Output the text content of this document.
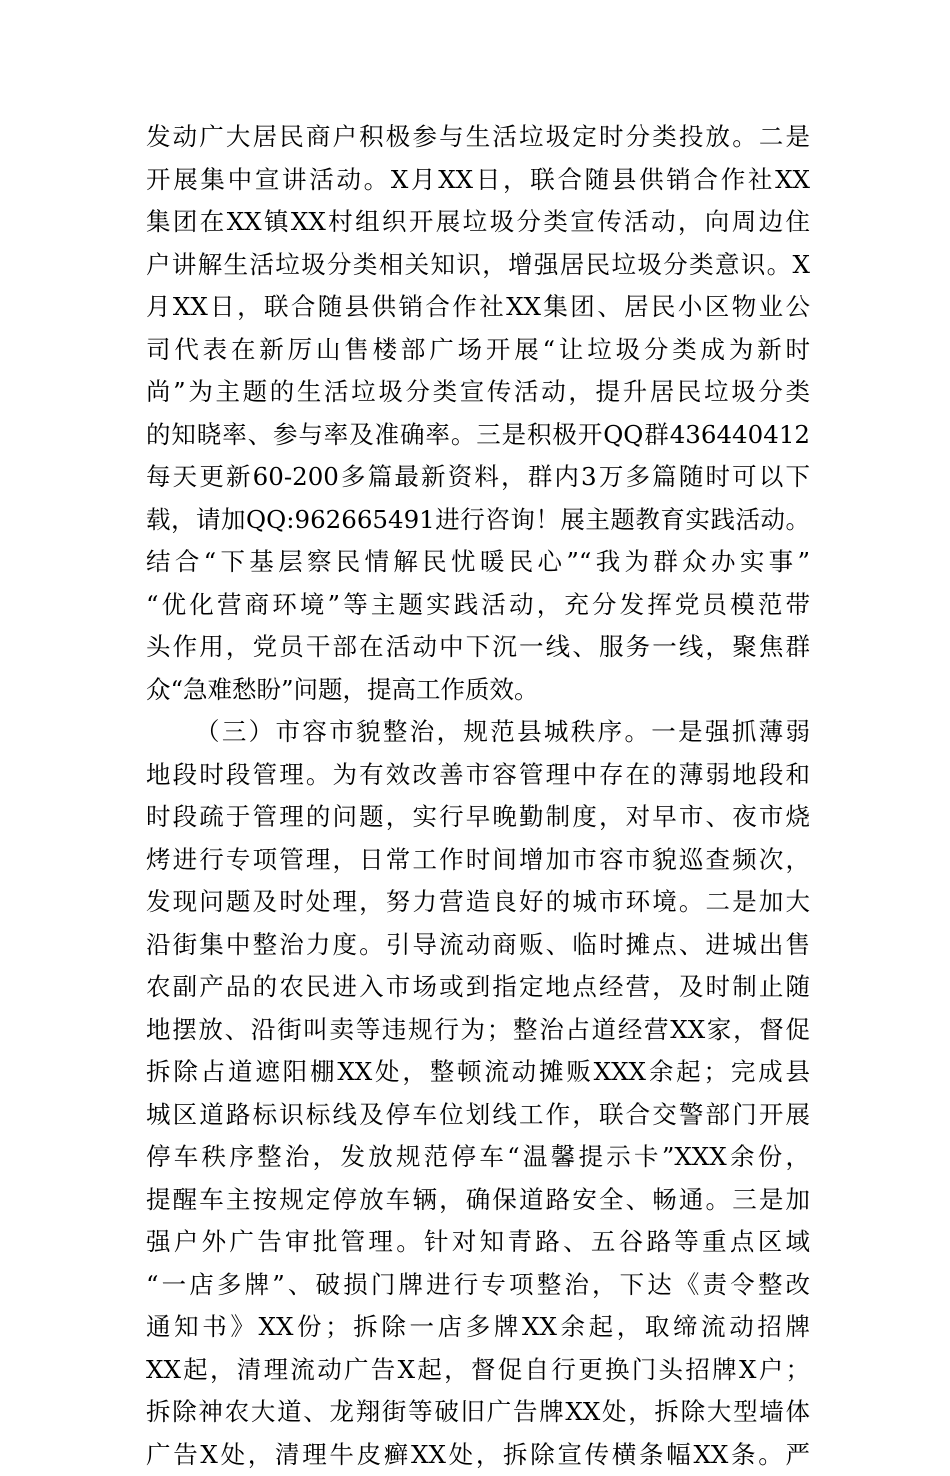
发动广大居民商户积极参与生活垃圾定时分类投放。二是
开展集中宣讲活动。X月XX日，联合随县供销合作社XX
集团在XX镇XX村组织开展垃圾分类宣传活动，向周边住
户讲解生活垃圾分类相关知识，增强居民垃圾分类意识。X
月XX日，联合随县供销合作社XX集团、居民小区物业公
司代表在新厉山售楼部广场开展“让垃圾分类成为新时
尚”为主题的生活垃圾分类宣传活动，提升居民垃圾分类
的知晓率、参与率及准确率。三是积极开QQ群436440412
每天更新60-200多篇最新资料，群内3万多篇随时可以下
载，请加QQ:962665491进行咨询！展主题教育实践活动。
结合“下基层察民情解民忧暖民心”“我为群众办实事”
“优化营商环境”等主题实践活动，充分发挥党员模范带
头作用，党员干部在活动中下沉一线、服务一线，聚焦群
众“急难愁盼”问题，提高工作质效。
（三）市容市貌整治，规范县城秩序。一是强抓薄弱
地段时段管理。为有效改善市容管理中存在的薄弱地段和
时段疏于管理的问题，实行早晚勤制度，对早市、夜市烧
烤进行专项管理，日常工作时间增加市容市貌巡查频次，
发现问题及时处理，努力营造良好的城市环境。二是加大
沿街集中整治力度。引导流动商贩、临时摊点、进城出售
农副产品的农民进入市场或到指定地点经营，及时制止随
地摆放、沿街叫卖等违规行为；整治占道经营XX家，督促
拆除占道遮阳棚XX处，整顿流动摊贩XXX余起；完成县
城区道路标识标线及停车位划线工作，联合交警部门开展
停车秩序整治，发放规范停车“温馨提示卡”XXX余份，
提醒车主按规定停放车辆，确保道路安全、畅通。三是加
强户外广告审批管理。针对知青路、五谷路等重点区域
“一店多牌”、破损门牌进行专项整治，下达《责令整改
通知书》XX份；拆除一店多牌XX余起，取缔流动招牌
XX起，清理流动广告X起，督促自行更换门头招牌X户；
拆除神农大道、龙翔街等破旧广告牌XX处，拆除大型墙体
广告X处，清理牛皮癣XX处，拆除宣传横条幅XX条。严
